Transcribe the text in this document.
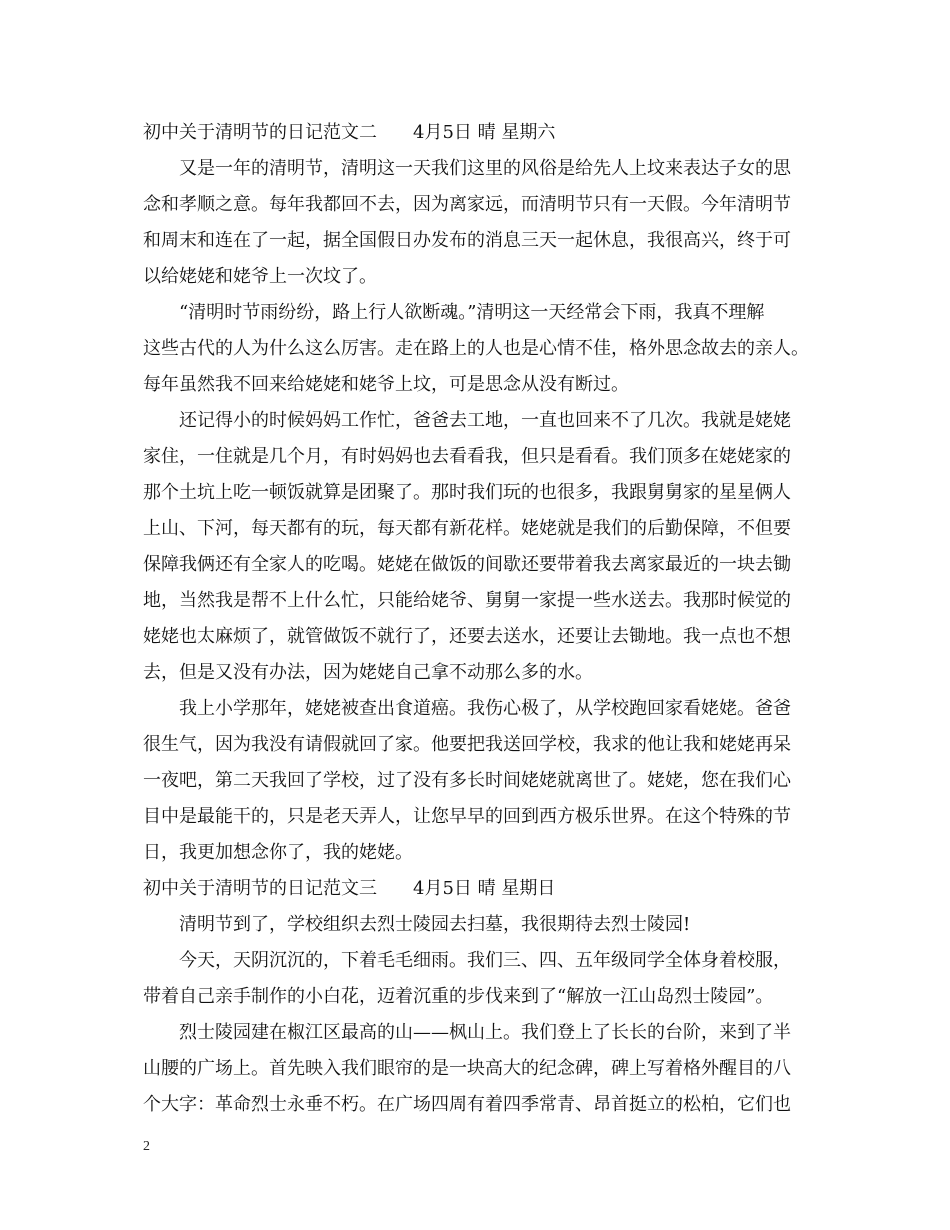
初中关于清明节的日记范文二　　4月5日 晴 星期六
又是一年的清明节，清明这一天我们这里的风俗是给先人上坟来表达子女的思
念和孝顺之意。每年我都回不去，因为离家远，而清明节只有一天假。今年清明节
和周末和连在了一起，据全国假日办发布的消息三天一起休息，我很高兴，终于可
以给姥姥和姥爷上一次坟了。
“清明时节雨纷纷，路上行人欲断魂。”清明这一天经常会下雨，我真不理解
这些古代的人为什么这么厉害。走在路上的人也是心情不佳，格外思念故去的亲人。
每年虽然我不回来给姥姥和姥爷上坟，可是思念从没有断过。
还记得小的时候妈妈工作忙，爸爸去工地，一直也回来不了几次。我就是姥姥
家住，一住就是几个月，有时妈妈也去看看我，但只是看看。我们顶多在姥姥家的
那个土坑上吃一顿饭就算是团聚了。那时我们玩的也很多，我跟舅舅家的星星俩人
上山、下河，每天都有的玩，每天都有新花样。姥姥就是我们的后勤保障，不但要
保障我俩还有全家人的吃喝。姥姥在做饭的间歇还要带着我去离家最近的一块去锄
地，当然我是帮不上什么忙，只能给姥爷、舅舅一家提一些水送去。我那时候觉的
姥姥也太麻烦了，就管做饭不就行了，还要去送水，还要让去锄地。我一点也不想
去，但是又没有办法，因为姥姥自己拿不动那么多的水。
我上小学那年，姥姥被查出食道癌。我伤心极了，从学校跑回家看姥姥。爸爸
很生气，因为我没有请假就回了家。他要把我送回学校，我求的他让我和姥姥再呆
一夜吧，第二天我回了学校，过了没有多长时间姥姥就离世了。姥姥，您在我们心
目中是最能干的，只是老天弄人，让您早早的回到西方极乐世界。在这个特殊的节
日，我更加想念你了，我的姥姥。
初中关于清明节的日记范文三　　4月5日 晴 星期日
清明节到了，学校组织去烈士陵园去扫墓，我很期待去烈士陵园!
今天，天阴沉沉的，下着毛毛细雨。我们三、四、五年级同学全体身着校服，
带着自己亲手制作的小白花，迈着沉重的步伐来到了“解放一江山岛烈士陵园”。
烈士陵园建在椒江区最高的山——枫山上。我们登上了长长的台阶，来到了半
山腰的广场上。首先映入我们眼帘的是一块高大的纪念碑，碑上写着格外醒目的八
个大字：革命烈士永垂不朽。在广场四周有着四季常青、昂首挺立的松柏，它们也
2
